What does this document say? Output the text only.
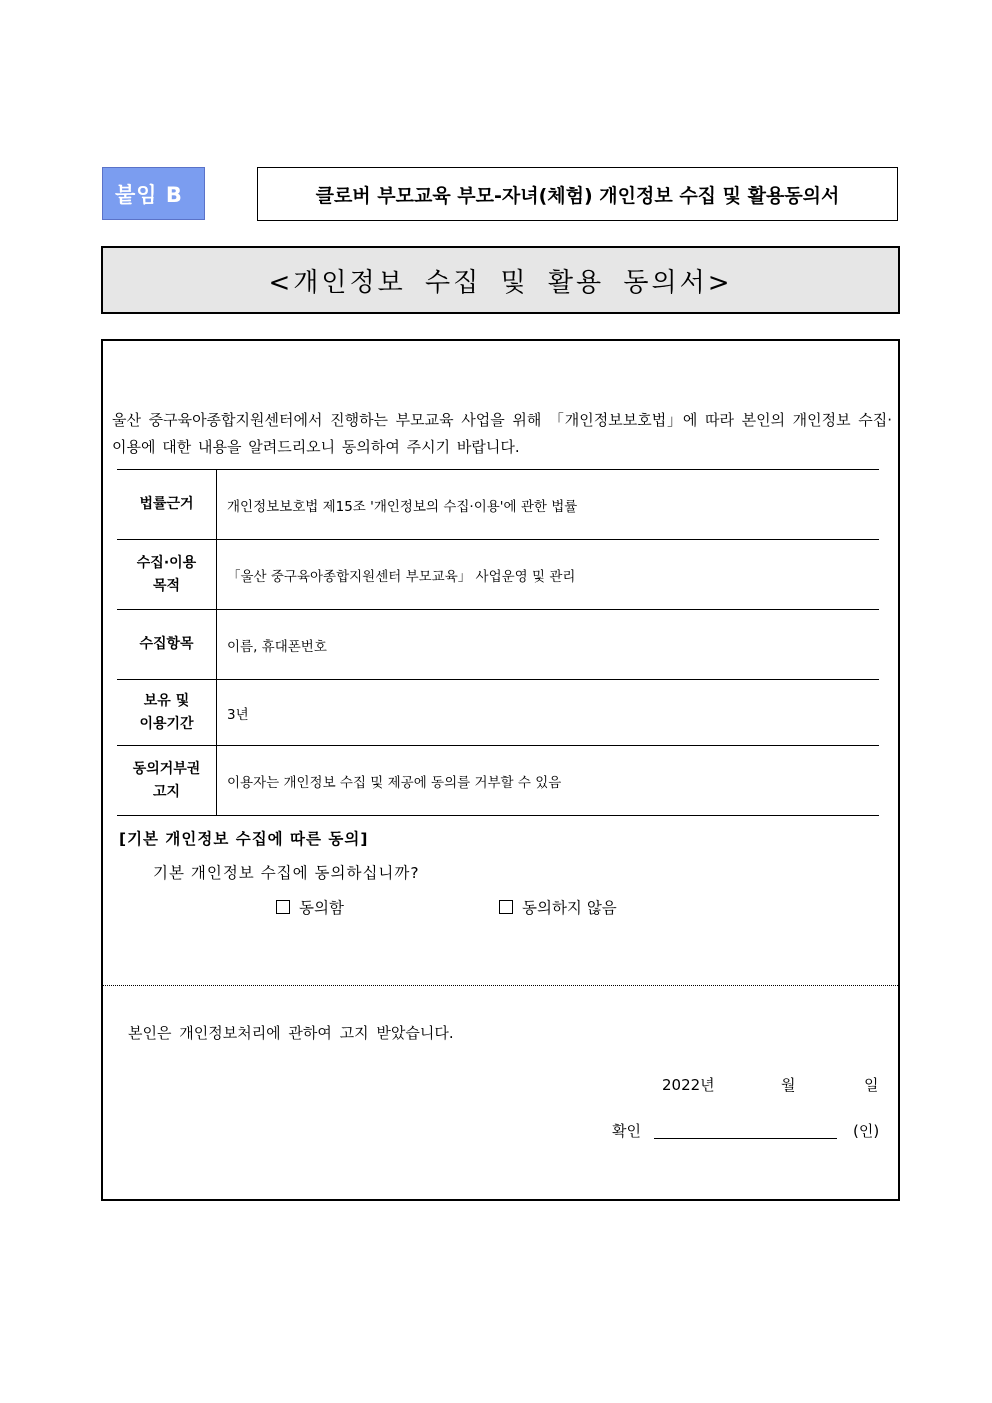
붙임 B	클로버 부모교육 부모-자녀(체험) 개인정보 수집 및 활용동의서
<개인정보 수집 및 활용 동의서>
울산 중구육아종합지원센터에서 진행하는 부모교육 사업을 위해 「개인정보보호법」에 따라 본인의 개인정보 수집·이용에 대한 내용을 알려드리오니 동의하여 주시기 바랍니다.
법률근거	개인정보보호법 제15조 '개인정보의 수집·이용'에 관한 법률

수집·이용
목적	「울산 중구육아종합지원센터 부모교육」 사업운영 및 관리

수집항목	이름, 휴대폰번호

보유 및
이용기간	3년

동의거부권
고지	이용자는 개인정보 수집 및 제공에 동의를 거부할 수 있음
[기본 개인정보 수집에 따른 동의]
기본 개인정보 수집에 동의하십니까?
동의함	동의하지 않음
본인은 개인정보처리에 관하여 고지 받았습니다.
2022년	월	일
확인	(인)
